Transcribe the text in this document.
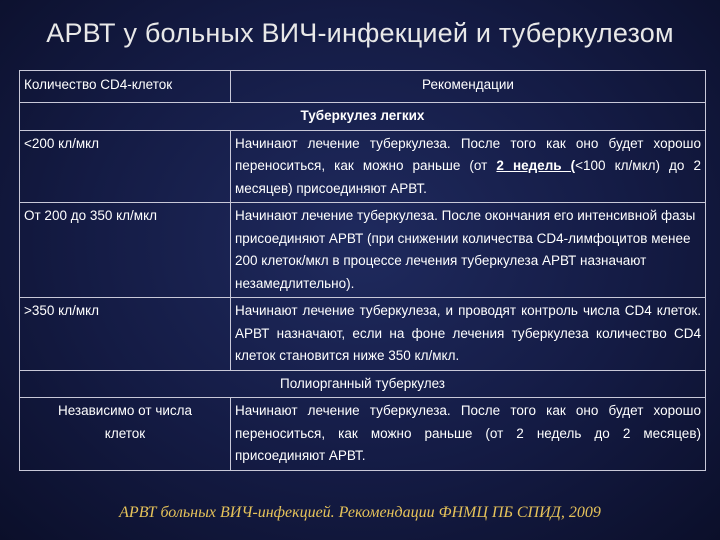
АРВТ у больных ВИЧ-инфекцией и туберкулезом
Количество CD4-клеток	Рекомендации
Туберкулез легких	
<200 кл/мкл	Начинают лечение туберкулеза. После того как оно будет хорошо переноситься, как можно раньше (от 2 недель (<100 кл/мкл) до 2 месяцев) присоединяют АРВТ.
От 200 до 350 кл/мкл	Начинают лечение туберкулеза. После окончания его интенсивной фазы присоединяют АРВТ (при снижении количества CD4-лимфоцитов менее 200 клеток/мкл в процессе лечения туберкулеза АРВТ назначают незамедлительно).
>350 кл/мкл	Начинают лечение туберкулеза, и проводят контроль числа CD4 клеток. АРВТ назначают, если на фоне лечения туберкулеза количество CD4 клеток становится ниже 350 кл/мкл.
Полиорганный туберкулез	
Независимо от числа клеток	Начинают лечение туберкулеза. После того как оно будет хорошо переноситься, как можно раньше (от 2 недель до 2 месяцев) присоединяют АРВТ.
АРВТ больных ВИЧ-инфекцией. Рекомендации ФНМЦ ПБ СПИД, 2009
